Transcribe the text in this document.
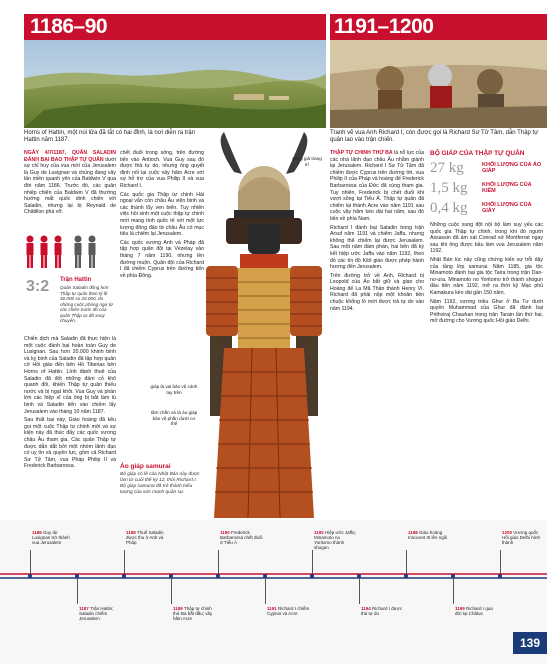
1186–90	1191–1200
Horns of Hattin, một núi lửa đã tắt có hai đỉnh, là nơi diễn ra trận Hattin năm 1187.
Tranh vẽ vua Anh Richard I, còn được gọi là Richard Sư Tử Tâm, dẫn Thập tự quân lao vào trận chiến.

NGÀY 4/7/1187, QUÂN SALADIN ĐÁNH BẠI BAO THẬP TỰ QUÂN dưới sự chỉ huy của vua mới của Jerusalem là Guy de Lusignan và chúng đang vây lấn miền quanh yên của Baldwin V qua đời năm 1186. Trước đó, các quân nhiệp chiến của Baldwin V đã thường hướng mất quốc dinh chiến với Saladin, nhưng lại bị Reynald de Châtillon phá vỡ.

3:2 Trận Hattin
Quân Saladin đông hơn Thập tự quân theo tỷ lệ 30.000 so 20.000, do những cuộc phòng ngự từ các chiến trước đó của quân Thập tự đã xoay chuyển.

Chiến dịch mà Saladin đã thực hiện là một cuộc đánh bại hoàn toàn Guy de Lusignan. Sau hơn 20.000 khinh binh và kỵ binh của Saladin đã tập hợp quân cờ Hồi giáo đến bên Hồ Tiberias bên Horns of Hattin. Lính đánh thuê của Saladin đã đốt những đám cỏ khô quanh đồi, khiến Thập tự quân thiếu nước và bị ngạt khói. Vua Guy và phần lớn các hiệp sĩ của ông bị bắt làm tù binh và Saladin tiến vào chiếm lấy Jerusalem vào tháng 10 năm 1187.

Sau thất bại này, Giáo hoàng đã kêu gọi một cuộc Thập tự chinh mới và sự kiện này đã thúc đẩy các quốc vương châu Âu tham gia. Các quân Thập tự được dẫn dắt bởi một nhóm lãnh đạo có uy tín và quyền lực, gồm cả Richard Sư Tử Tâm, vua Pháp Philip II và Frederick Barbarossa.

chết đuối trong sông, trên đường tiến vào Antioch. Vua Guy sau đó được thả tự do, nhưng ông quyết định nối lại cuộc vây hãm Acre với sự hỗ trợ của vua Philip II và vua Richard I.

Các quốc gia Thập tự chinh Hải ngoại vẫn còn châu Âu viện binh và các thành lũy ven biển. Tuy nhiên việc hồi sinh một cuộc thập tự chinh mới mang tính quốc tế với một lực lượng đông đảo từ châu Âu có mục tiêu là chiếm lại Jerusalem.

Các quốc vương Anh và Pháp đã tập hợp quân đội tại Vézelay vào tháng 7 năm 1190, nhưng lên đường muộn. Quân đội của Richard I đã chiếm Cyprus trên đường tiến về phía Đông.

giáp lá vai bảo vệ cánh tay trên
tấm chắn và tà áo giáp bảo vệ phần dưới cơ thể
Áo giáp samurai
Bộ giáp có lẽ của Nhật Bản này được làm từ cuối thế kỷ 12, thời Richard I. Bộ giáp samurai đã trở thành biểu tượng của sức mạnh quân sự.
sừng giả trang trí

THẬP TỰ CHINH THỨ BA là nỗ lực của các nhà lãnh đạo châu Âu nhằm giành lại Jerusalem. Richard I Sư Tử Tâm đã chiếm được Cyprus trên đường tới, vua Philip II của Pháp và hoàng đế Frederick Barbarossa của Đức đã cùng tham gia. Tuy nhiên, Frederick bị chết đuối khi vượt sông tại Tiểu Á. Thập tự quân đã chiếm lại thành Acre vào năm 1191 sau cuộc vây hãm kéo dài hai năm, sau đó tiến về phía Nam.

Richard I đánh bại Saladin trong trận Arsuf năm 1191 và chiếm Jaffa, nhưng không thể chiếm lại được Jerusalem. Sau một năm đàm phán, hai bên đã ký kết hiệp ước Jaffa vào năm 1192, theo đó các tín đồ Kitô giáo được phép hành hương đến Jerusalem.

Trên đường trở về Anh, Richard bị Leopold của Áo bắt giữ và giao cho Hoàng đế La Mã Thần thánh Henry VI. Richard đã phải nộp một khoản tiền chuộc khổng lồ mới được trả tự do vào năm 1194.

BỘ GIÁP CỦA THẬP TỰ QUÂN
27 kg	KHỐI LƯỢNG CỦA ÁO GIÁP
1,5 kg	KHỐI LƯỢNG CỦA KIẾM
0,4 kg	KHỐI LƯỢNG CỦA GIÀY

Những cuộc xung đột nội bộ làm suy yếu các quốc gia Thập tự chinh, trong khi đó người Assassin đã ám sát Conrad xứ Montferrat ngay sau khi ông được bầu làm vua Jerusalem năm 1192.

Nhật Bản lúc này cũng chứng kiến sự trỗi dậy của tầng lớp samurai. Năm 1185, gia tộc Minamoto đánh bại gia tộc Taira trong trận Dan-no-ura. Minamoto no Yoritomo trở thành shogun đầu tiên năm 1192, mở ra thời kỳ Mạc phủ Kamakura kéo dài gần 150 năm.

Năm 1192, vương triều Ghur ở Ba Tư dưới quyền Muhammad của Ghur đã đánh bại Prithviraj Chauhan trong trận Tarain lần thứ hai, mở đường cho Vương quốc Hồi giáo Delhi.

1186 Guy de Lusignan trở thành vua Jerusalem
1187 Trận Hattin; Saladin chiếm Jerusalem
1188 Thuế Saladin được thu ở Anh và Pháp
1189 Thập tự chinh thứ Ba bắt đầu; vây hãm Acre
1190 Frederick Barbarossa chết đuối ở Tiểu Á
1191 Richard I chiếm Cyprus và Acre
1192 Hiệp ước Jaffa; Minamoto no Yoritomo thành shogun
1194 Richard I được thả tự do
1198 Giáo hoàng Innocent III lên ngôi
1199 Richard I qua đời tại Châlus
1200 Vương quốc Hồi giáo Delhi hình thành
139
